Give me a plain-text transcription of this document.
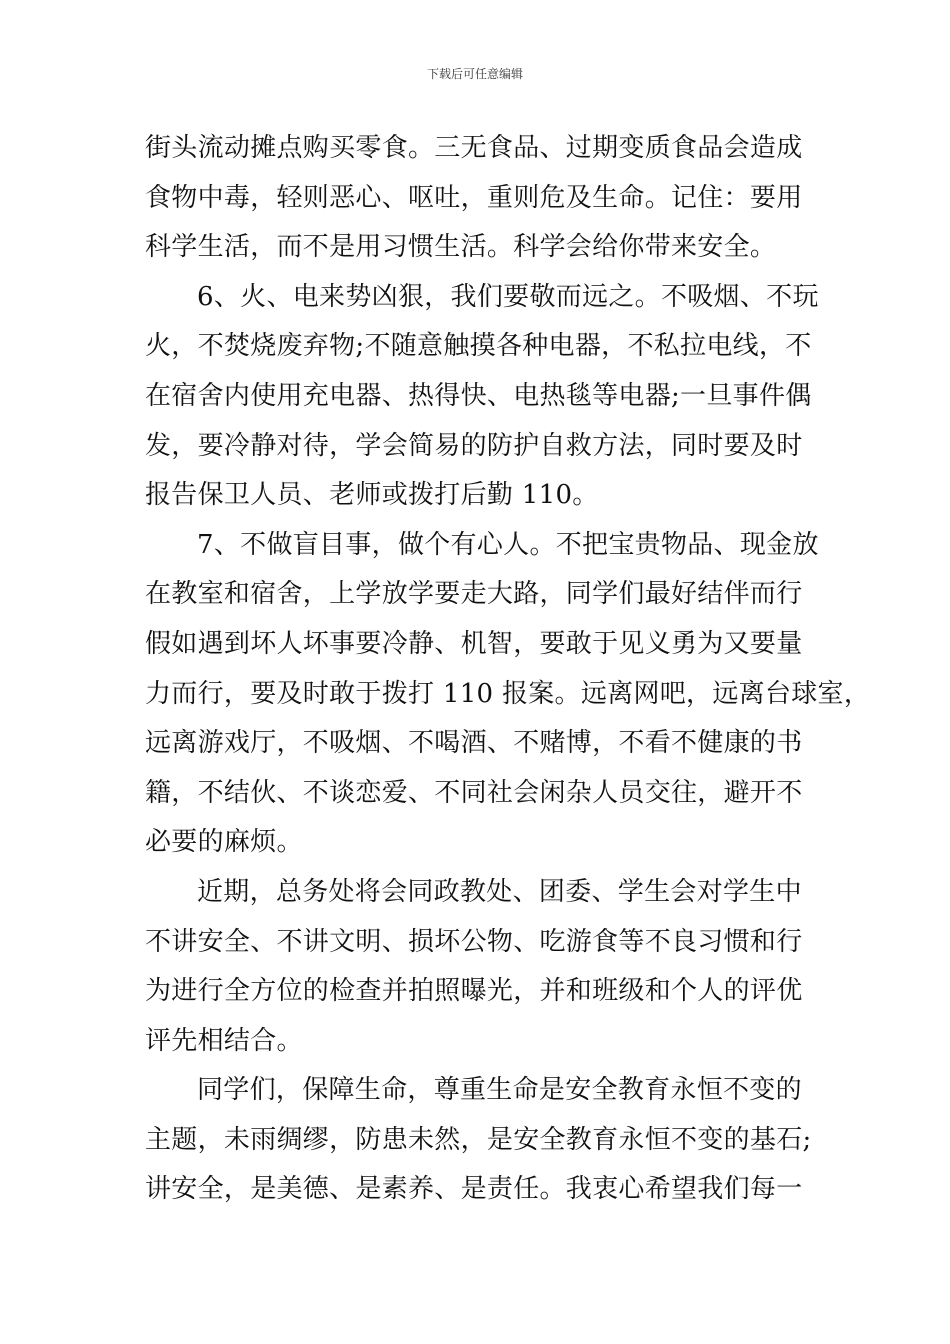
下载后可任意编辑
街头流动摊点购买零食。三无食品、过期变质食品会造成
食物中毒，轻则恶心、呕吐，重则危及生命。记住：要用
科学生活，而不是用习惯生活。科学会给你带来安全。
6、火、电来势凶狠，我们要敬而远之。不吸烟、不玩
火，不焚烧废弃物;不随意触摸各种电器，不私拉电线，不
在宿舍内使用充电器、热得快、电热毯等电器;一旦事件偶
发，要冷静对待，学会简易的防护自救方法，同时要及时
报告保卫人员、老师或拨打后勤 110。
7、不做盲目事，做个有心人。不把宝贵物品、现金放
在教室和宿舍，上学放学要走大路，同学们最好结伴而行
假如遇到坏人坏事要冷静、机智，要敢于见义勇为又要量
力而行，要及时敢于拨打 110 报案。远离网吧，远离台球室，
远离游戏厅，不吸烟、不喝酒、不赌博，不看不健康的书
籍，不结伙、不谈恋爱、不同社会闲杂人员交往，避开不
必要的麻烦。
近期，总务处将会同政教处、团委、学生会对学生中
不讲安全、不讲文明、损坏公物、吃游食等不良习惯和行
为进行全方位的检查并拍照曝光，并和班级和个人的评优
评先相结合。
同学们，保障生命，尊重生命是安全教育永恒不变的
主题，未雨绸缪，防患未然，是安全教育永恒不变的基石;
讲安全，是美德、是素养、是责任。我衷心希望我们每一
